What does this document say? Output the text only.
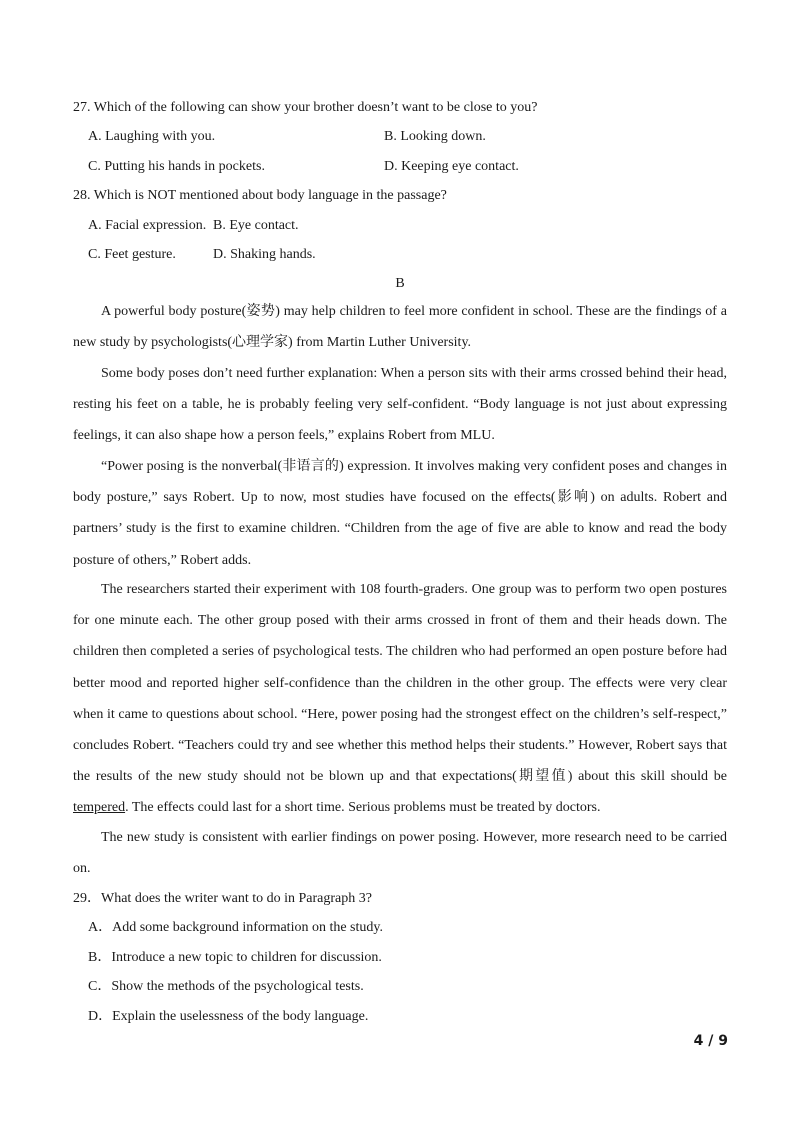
27. Which of the following can show your brother doesn’t want to be close to you?
A. Laughing with you.	B. Looking down.
C. Putting his hands in pockets.	D. Keeping eye contact.
28. Which is NOT mentioned about body language in the passage?
A. Facial expression. B. Eye contact.
C. Feet gesture.	D. Shaking hands.
B

A powerful body posture(姿势) may help children to feel more confident in school. These are the findings of a new study by psychologists(心理学家) from Martin Luther University.

Some body poses don’t need further explanation: When a person sits with their arms crossed behind their head, resting his feet on a table, he is probably feeling very self-confident. “Body language is not just about expressing feelings, it can also shape how a person feels,” explains Robert from MLU.

“Power posing is the nonverbal(非语言的) expression. It involves making very confident poses and changes in body posture,” says Robert. Up to now, most studies have focused on the effects(影响) on adults. Robert and partners’ study is the first to examine children. “Children from the age of five are able to know and read the body posture of others,” Robert adds.

The researchers started their experiment with 108 fourth-graders. One group was to perform two open postures for one minute each. The other group posed with their arms crossed in front of them and their heads down. The children then completed a series of psychological tests. The children who had performed an open posture before had better mood and reported higher self-confidence than the children in the other group. The effects were very clear when it came to questions about school. “Here, power posing had the strongest effect on the children’s self-respect,” concludes Robert. “Teachers could try and see whether this method helps their students.” However, Robert says that the results of the new study should not be blown up and that expectations(期望值) about this skill should be tempered. The effects could last for a short time. Serious problems must be treated by doctors.

The new study is consistent with earlier findings on power posing. However, more research need to be carried on.

29．What does the writer want to do in Paragraph 3?
A．Add some background information on the study.
B．Introduce a new topic to children for discussion.
C．Show the methods of the psychological tests.
D．Explain the uselessness of the body language.
4 / 9
